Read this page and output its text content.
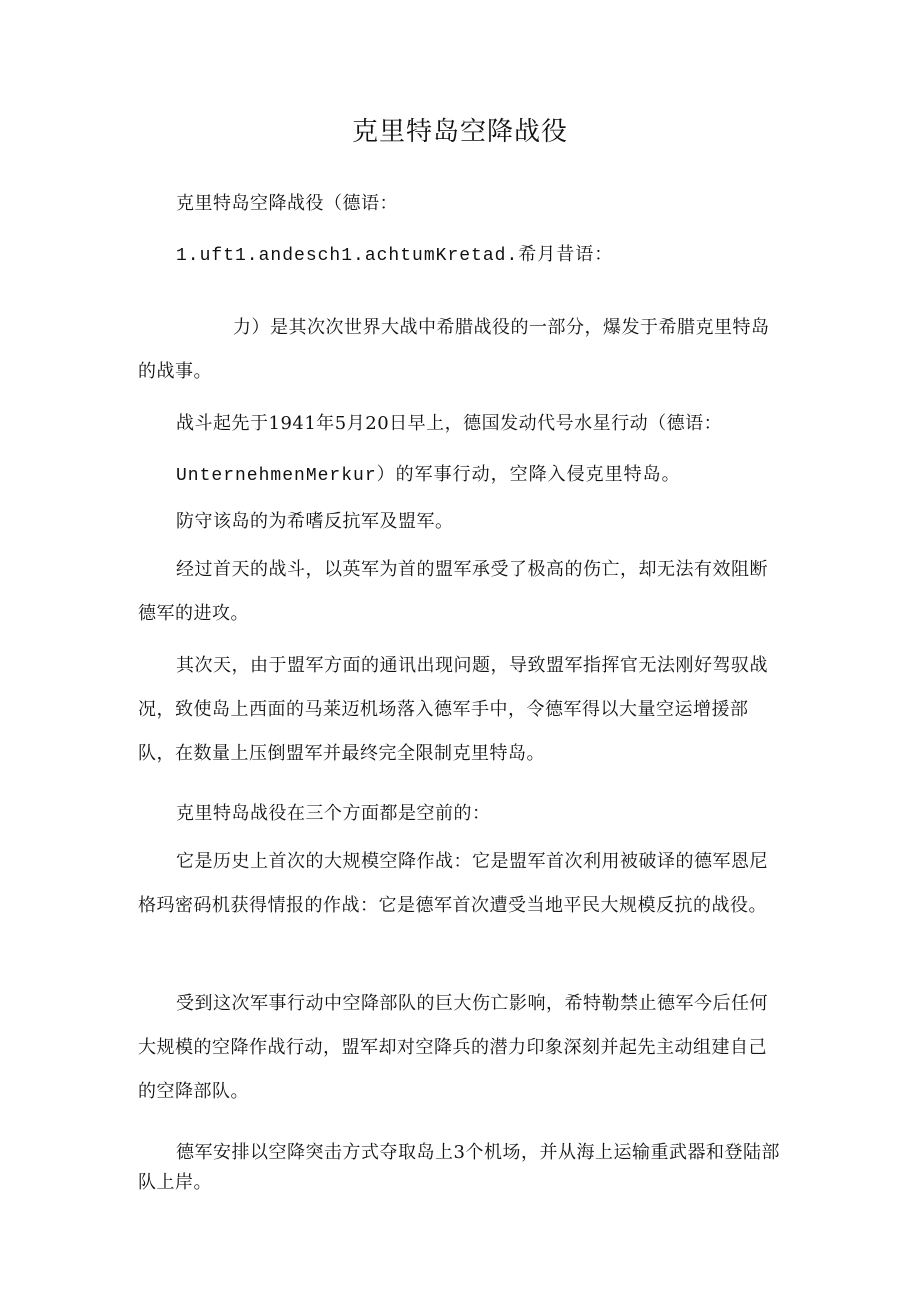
克里特岛空降战役

克里特岛空降战役（德语：

1.uft1.andesch1.achtumKretad.希月昔语：

力）是其次次世界大战中希腊战役的一部分，爆发于希腊克里特岛的战事。

战斗起先于1941年5月20日早上，德国发动代号水星行动（德语：

UnternehmenMerkur）的军事行动，空降入侵克里特岛。

防守该岛的为希嗜反抗军及盟军。

经过首天的战斗，以英军为首的盟军承受了极高的伤亡，却无法有效阻断德军的进攻。

其次天，由于盟军方面的通讯出现问题，导致盟军指挥官无法刚好驾驭战况，致使岛上西面的马莱迈机场落入德军手中，令德军得以大量空运增援部队，在数量上压倒盟军并最终完全限制克里特岛。

克里特岛战役在三个方面都是空前的：

它是历史上首次的大规模空降作战：它是盟军首次利用被破译的德军恩尼格玛密码机获得情报的作战：它是德军首次遭受当地平民大规模反抗的战役。

受到这次军事行动中空降部队的巨大伤亡影响，希特勒禁止德军今后任何大规模的空降作战行动，盟军却对空降兵的潜力印象深刻并起先主动组建自己的空降部队。

德军安排以空降突击方式夺取岛上3个机场，并从海上运输重武器和登陆部队上岸。
